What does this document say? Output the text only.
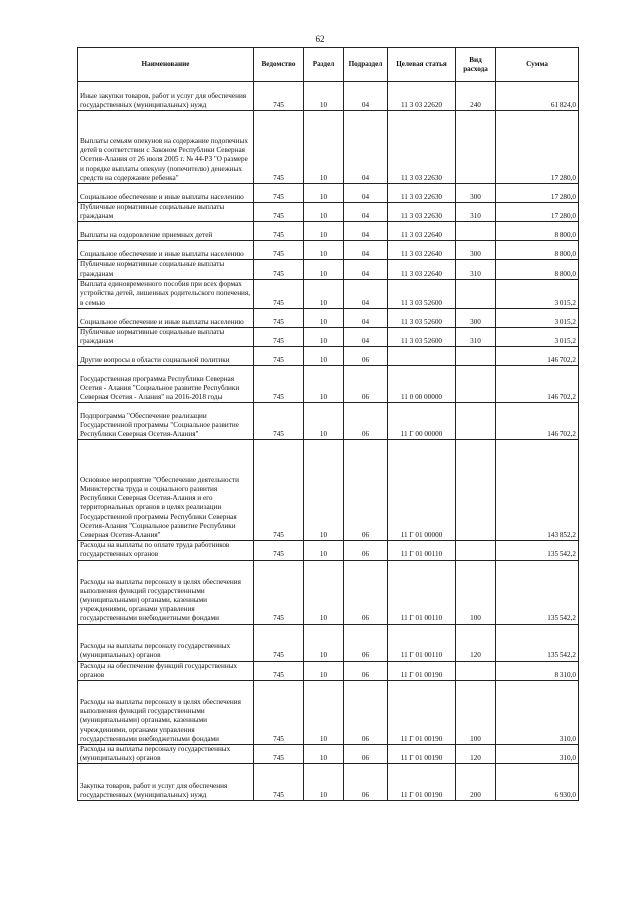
62
Наименование	Ведомство	Раздел	Подраздел	Целевая статья	Вид расхода	Сумма
Иные закупки товаров, работ и услуг для обеспечения государственных (муниципальных) нужд	745	10	04	11 3 03 22620	240	61 824,0
Выплаты семьям опекунов на содержание подопечных детей в соответствии с Законом Республики Северная Осетия-Алания от 26 июля 2005 г. № 44-РЗ "О размере и порядке выплаты опекуну (попечителю) денежных средств на содержание ребенка"	745	10	04	11 3 03 22630		17 280,0
Социальное обеспечение и иные выплаты населению	745	10	04	11 3 03 22630	300	17 280,0
Публичные нормативные социальные выплаты гражданам	745	10	04	11 3 03 22630	310	17 280,0
Выплаты на оздоровление приемных детей	745	10	04	11 3 03 22640		8 800,0
Социальное обеспечение и иные выплаты населению	745	10	04	11 3 03 22640	300	8 800,0
Публичные нормативные социальные выплаты гражданам	745	10	04	11 3 03 22640	310	8 800,0
Выплата единовременного пособия при всех формах устройства детей, лишенных родительского попечения, в семью	745	10	04	11 3 03 52600		3 015,2
Социальное обеспечение и иные выплаты населению	745	10	04	11 3 03 52600	300	3 015,2
Публичные нормативные социальные выплаты гражданам	745	10	04	11 3 03 52600	310	3 015,2
Другие вопросы в области социальной политики	745	10	06			146 702,2
Государственная программа Республики Северная Осетия - Алания "Социальное развитие Республики Северная Осетия - Алания" на 2016-2018 годы	745	10	06	11 0 00 00000		146 702,2
Подпрограмма "Обеспечение реализации Государственной программы "Социальное развитие Республики Северная Осетия-Алания"	745	10	06	11 Г 00 00000		146 702,2
Основное мероприятие "Обеспечение деятельности Министерства труда и социального развития Республики Северная Осетия-Алания и его территориальных органов в целях реализации Государственной программы Республики Северная Осетия-Алания "Социальное развитие Республики Северная Осетия-Алания"	745	10	06	11 Г 01 00000		143 852,2
Расходы на выплаты по оплате труда работников государственных органов	745	10	06	11 Г 01 00110		135 542,2
Расходы на выплаты персоналу в целях обеспечения выполнения функций государственными (муниципальными) органами, казенными учреждениями, органами управления государственными внебюджетными фондами	745	10	06	11 Г 01 00110	100	135 542,2
Расходы на выплаты персоналу государственных (муниципальных) органов	745	10	06	11 Г 01 00110	120	135 542,2
Расходы на обеспечение функций государственных органов	745	10	06	11 Г 01 00190		8 310,0
Расходы на выплаты персоналу в целях обеспечения выполнения функций государственными (муниципальными) органами, казенными учреждениями, органами управления государственными внебюджетными фондами	745	10	06	11 Г 01 00190	100	310,0
Расходы на выплаты персоналу государственных (муниципальных) органов	745	10	06	11 Г 01 00190	120	310,0
Закупка товаров, работ и услуг для обеспечения государственных (муниципальных) нужд	745	10	06	11 Г 01 00190	200	6 930,0
